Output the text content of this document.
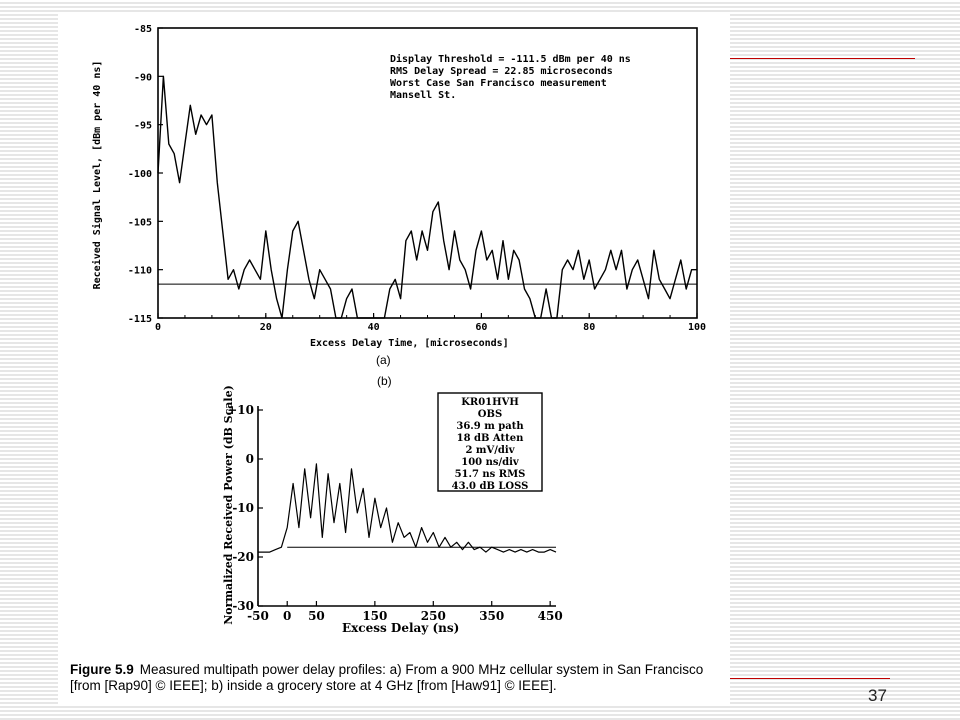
0	20	40	60	80	100
-85
-90
-95
-100
-105
-110
-115
Received Signal Level, [dBm per 40 ns]
Excess Delay Time, [microseconds]
(a)
Display Threshold = -111.5 dBm per 40 ns
RMS Delay Spread = 22.85 microseconds
Worst Case San Francisco measurement
Mansell St.
-50 0 50	150	250	350	450
+10
0
-10
-20
-30
Normalized Received Power (dB Scale)
Excess Delay (ns)
(b)
KR01HVH
OBS
36.9 m path
18 dB Atten
2 mV/div
100 ns/div
51.7 ns RMS
43.0 dB LOSS
Figure 5.9 Measured multipath power delay profiles: a) From a 900 MHz cellular system in San Francisco [from [Rap90] © IEEE]; b) inside a grocery store at 4 GHz [from [Haw91] © IEEE].
37
